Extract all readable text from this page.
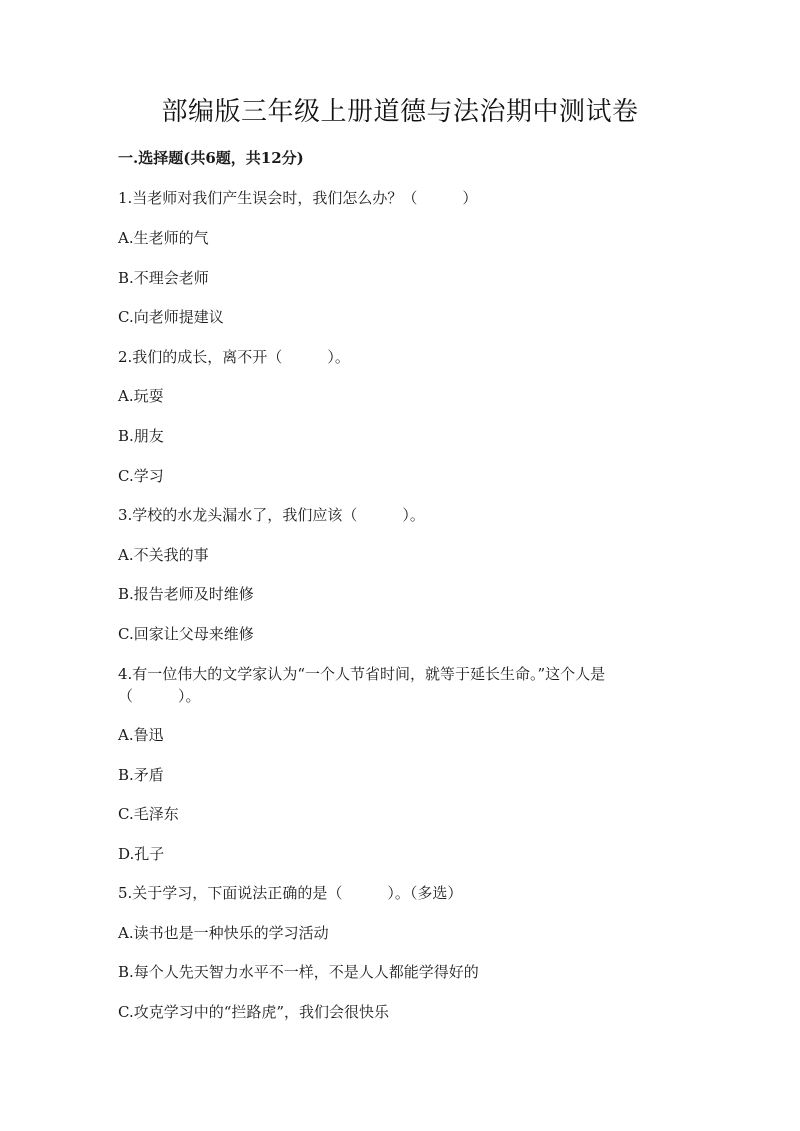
部编版三年级上册道德与法治期中测试卷
一.选择题(共6题，共12分)
1.当老师对我们产生误会时，我们怎么办？（　　　）
A.生老师的气
B.不理会老师
C.向老师提建议
2.我们的成长，离不开（　　　）。
A.玩耍
B.朋友
C.学习
3.学校的水龙头漏水了，我们应该（　　　）。
A.不关我的事
B.报告老师及时维修
C.回家让父母来维修
4.有一位伟大的文学家认为“一个人节省时间，就等于延长生命。”这个人是
（　　　）。
A.鲁迅
B.矛盾
C.毛泽东
D.孔子
5.关于学习，下面说法正确的是（　　　）。（多选）
A.读书也是一种快乐的学习活动
B.每个人先天智力水平不一样，不是人人都能学得好的
C.攻克学习中的“拦路虎”，我们会很快乐
